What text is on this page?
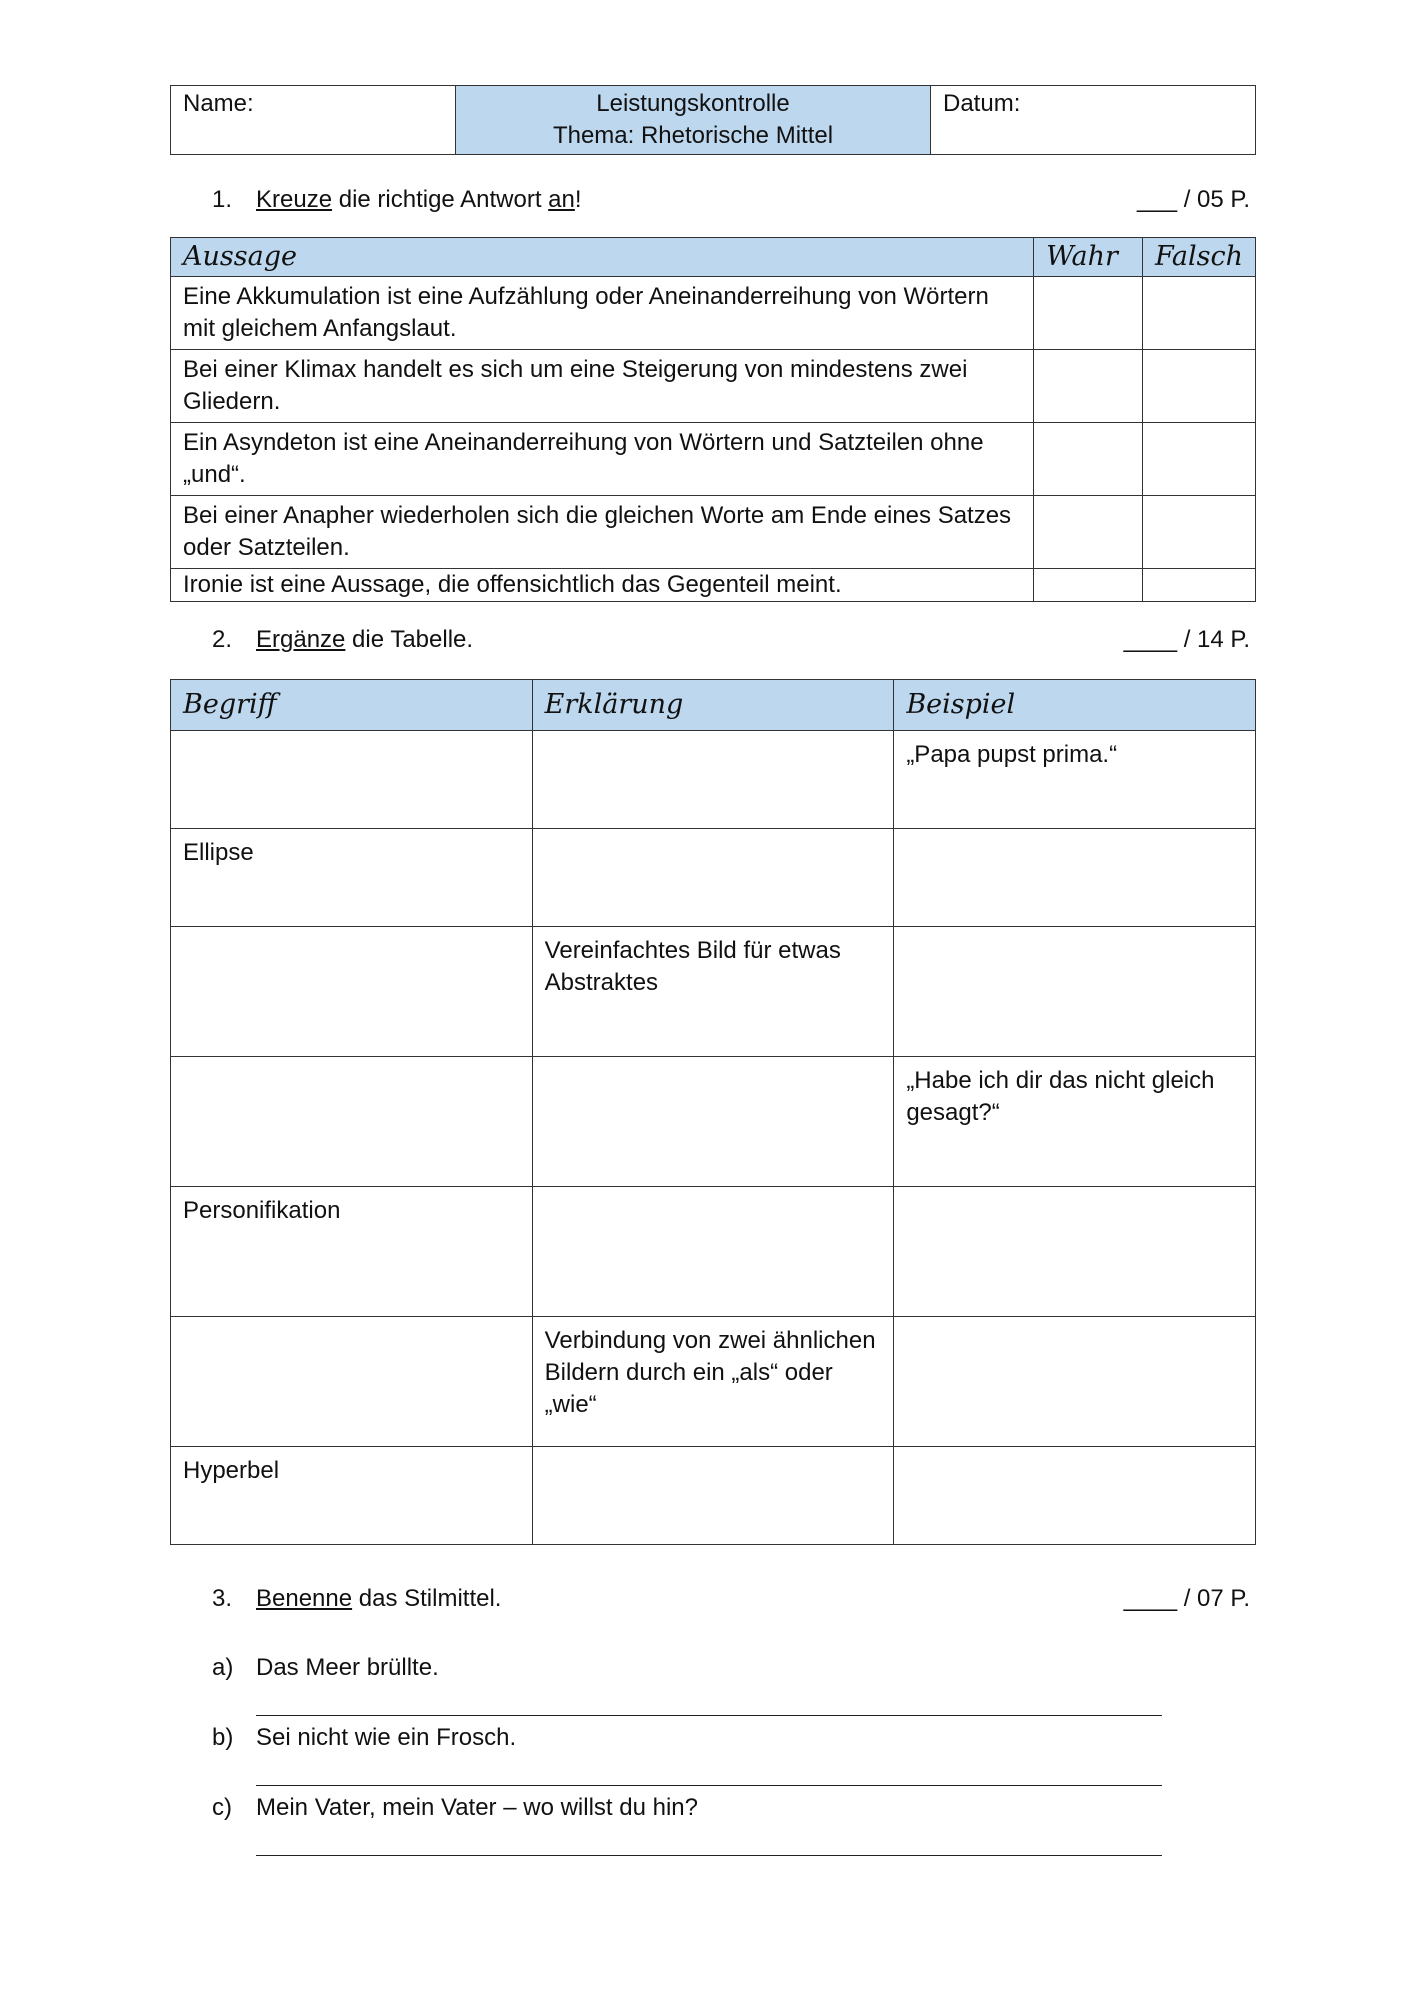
Name:	Leistungskontrolle
Thema: Rhetorische Mittel
	Datum:
1. Kreuze die richtige Antwort an!	___ / 05 P.
Aussage	Wahr	Falsch

Eine Akkumulation ist eine Aufzählung oder Aneinanderreihung von Wörtern
mit gleichem Anfangslaut.		

Bei einer Klimax handelt es sich um eine Steigerung von mindestens zwei
Gliedern.		

Ein Asyndeton ist eine Aneinanderreihung von Wörtern und Satzteilen ohne
„und“.		

Bei einer Anapher wiederholen sich die gleichen Worte am Ende eines Satzes
oder Satzteilen.		

Ironie ist eine Aussage, die offensichtlich das Gegenteil meint.		

2. Ergänze die Tabelle.	____ / 14 P.
Begriff	Erklärung	Beispiel

		„Papa pupst prima.“

Ellipse		

	Vereinfachtes Bild für etwas
Abstraktes	

		„Habe ich dir das nicht gleich
gesagt?“

Personifikation		

	Verbindung von zwei ähnlichen
Bildern durch ein „als“ oder
„wie“	

Hyperbel		
3. Benenne das Stilmittel.	____ / 07 P.
a) Das Meer brüllte.
b) Sei nicht wie ein Frosch.
c) Mein Vater, mein Vater – wo willst du hin?
